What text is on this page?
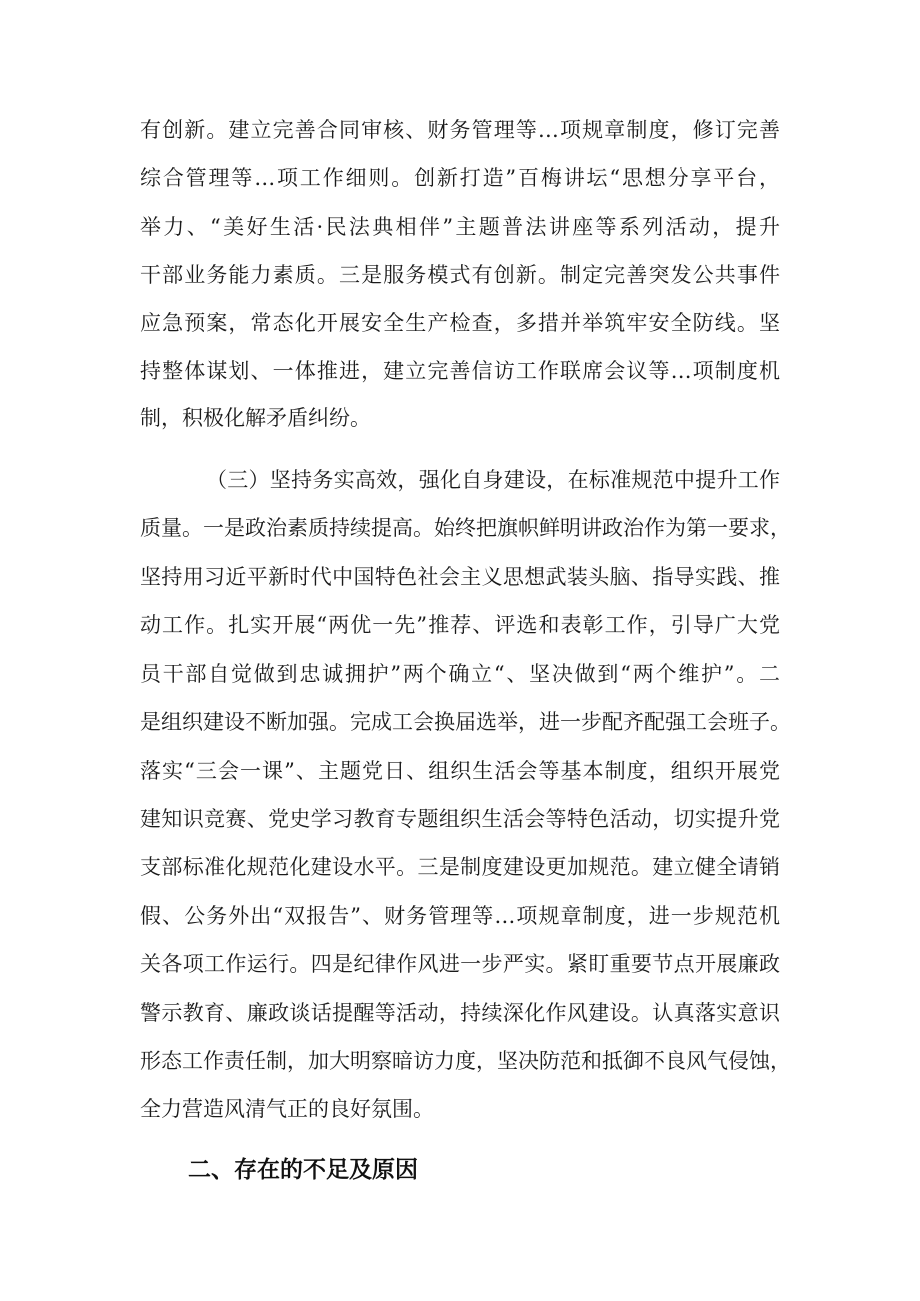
有创新。建立完善合同审核、财务管理等…项规章制度，修订完善
综合管理等…项工作细则。创新打造”百梅讲坛“思想分享平台，
举力、“美好生活·民法典相伴”主题普法讲座等系列活动，提升
干部业务能力素质。三是服务模式有创新。制定完善突发公共事件
应急预案，常态化开展安全生产检查，多措并举筑牢安全防线。坚
持整体谋划、一体推进，建立完善信访工作联席会议等…项制度机
制，积极化解矛盾纠纷。
（三）坚持务实高效，强化自身建设，在标准规范中提升工作
质量。一是政治素质持续提高。始终把旗帜鲜明讲政治作为第一要求，
坚持用习近平新时代中国特色社会主义思想武装头脑、指导实践、推
动工作。扎实开展“两优一先”推荐、评选和表彰工作，引导广大党
员干部自觉做到忠诚拥护”两个确立“、坚决做到“两个维护”。二
是组织建设不断加强。完成工会换届选举，进一步配齐配强工会班子。
落实“三会一课”、主题党日、组织生活会等基本制度，组织开展党
建知识竞赛、党史学习教育专题组织生活会等特色活动，切实提升党
支部标准化规范化建设水平。三是制度建设更加规范。建立健全请销
假、公务外出“双报告”、财务管理等…项规章制度，进一步规范机
关各项工作运行。四是纪律作风进一步严实。紧盯重要节点开展廉政
警示教育、廉政谈话提醒等活动，持续深化作风建设。认真落实意识
形态工作责任制，加大明察暗访力度，坚决防范和抵御不良风气侵蚀，
全力营造风清气正的良好氛围。
二、存在的不足及原因
